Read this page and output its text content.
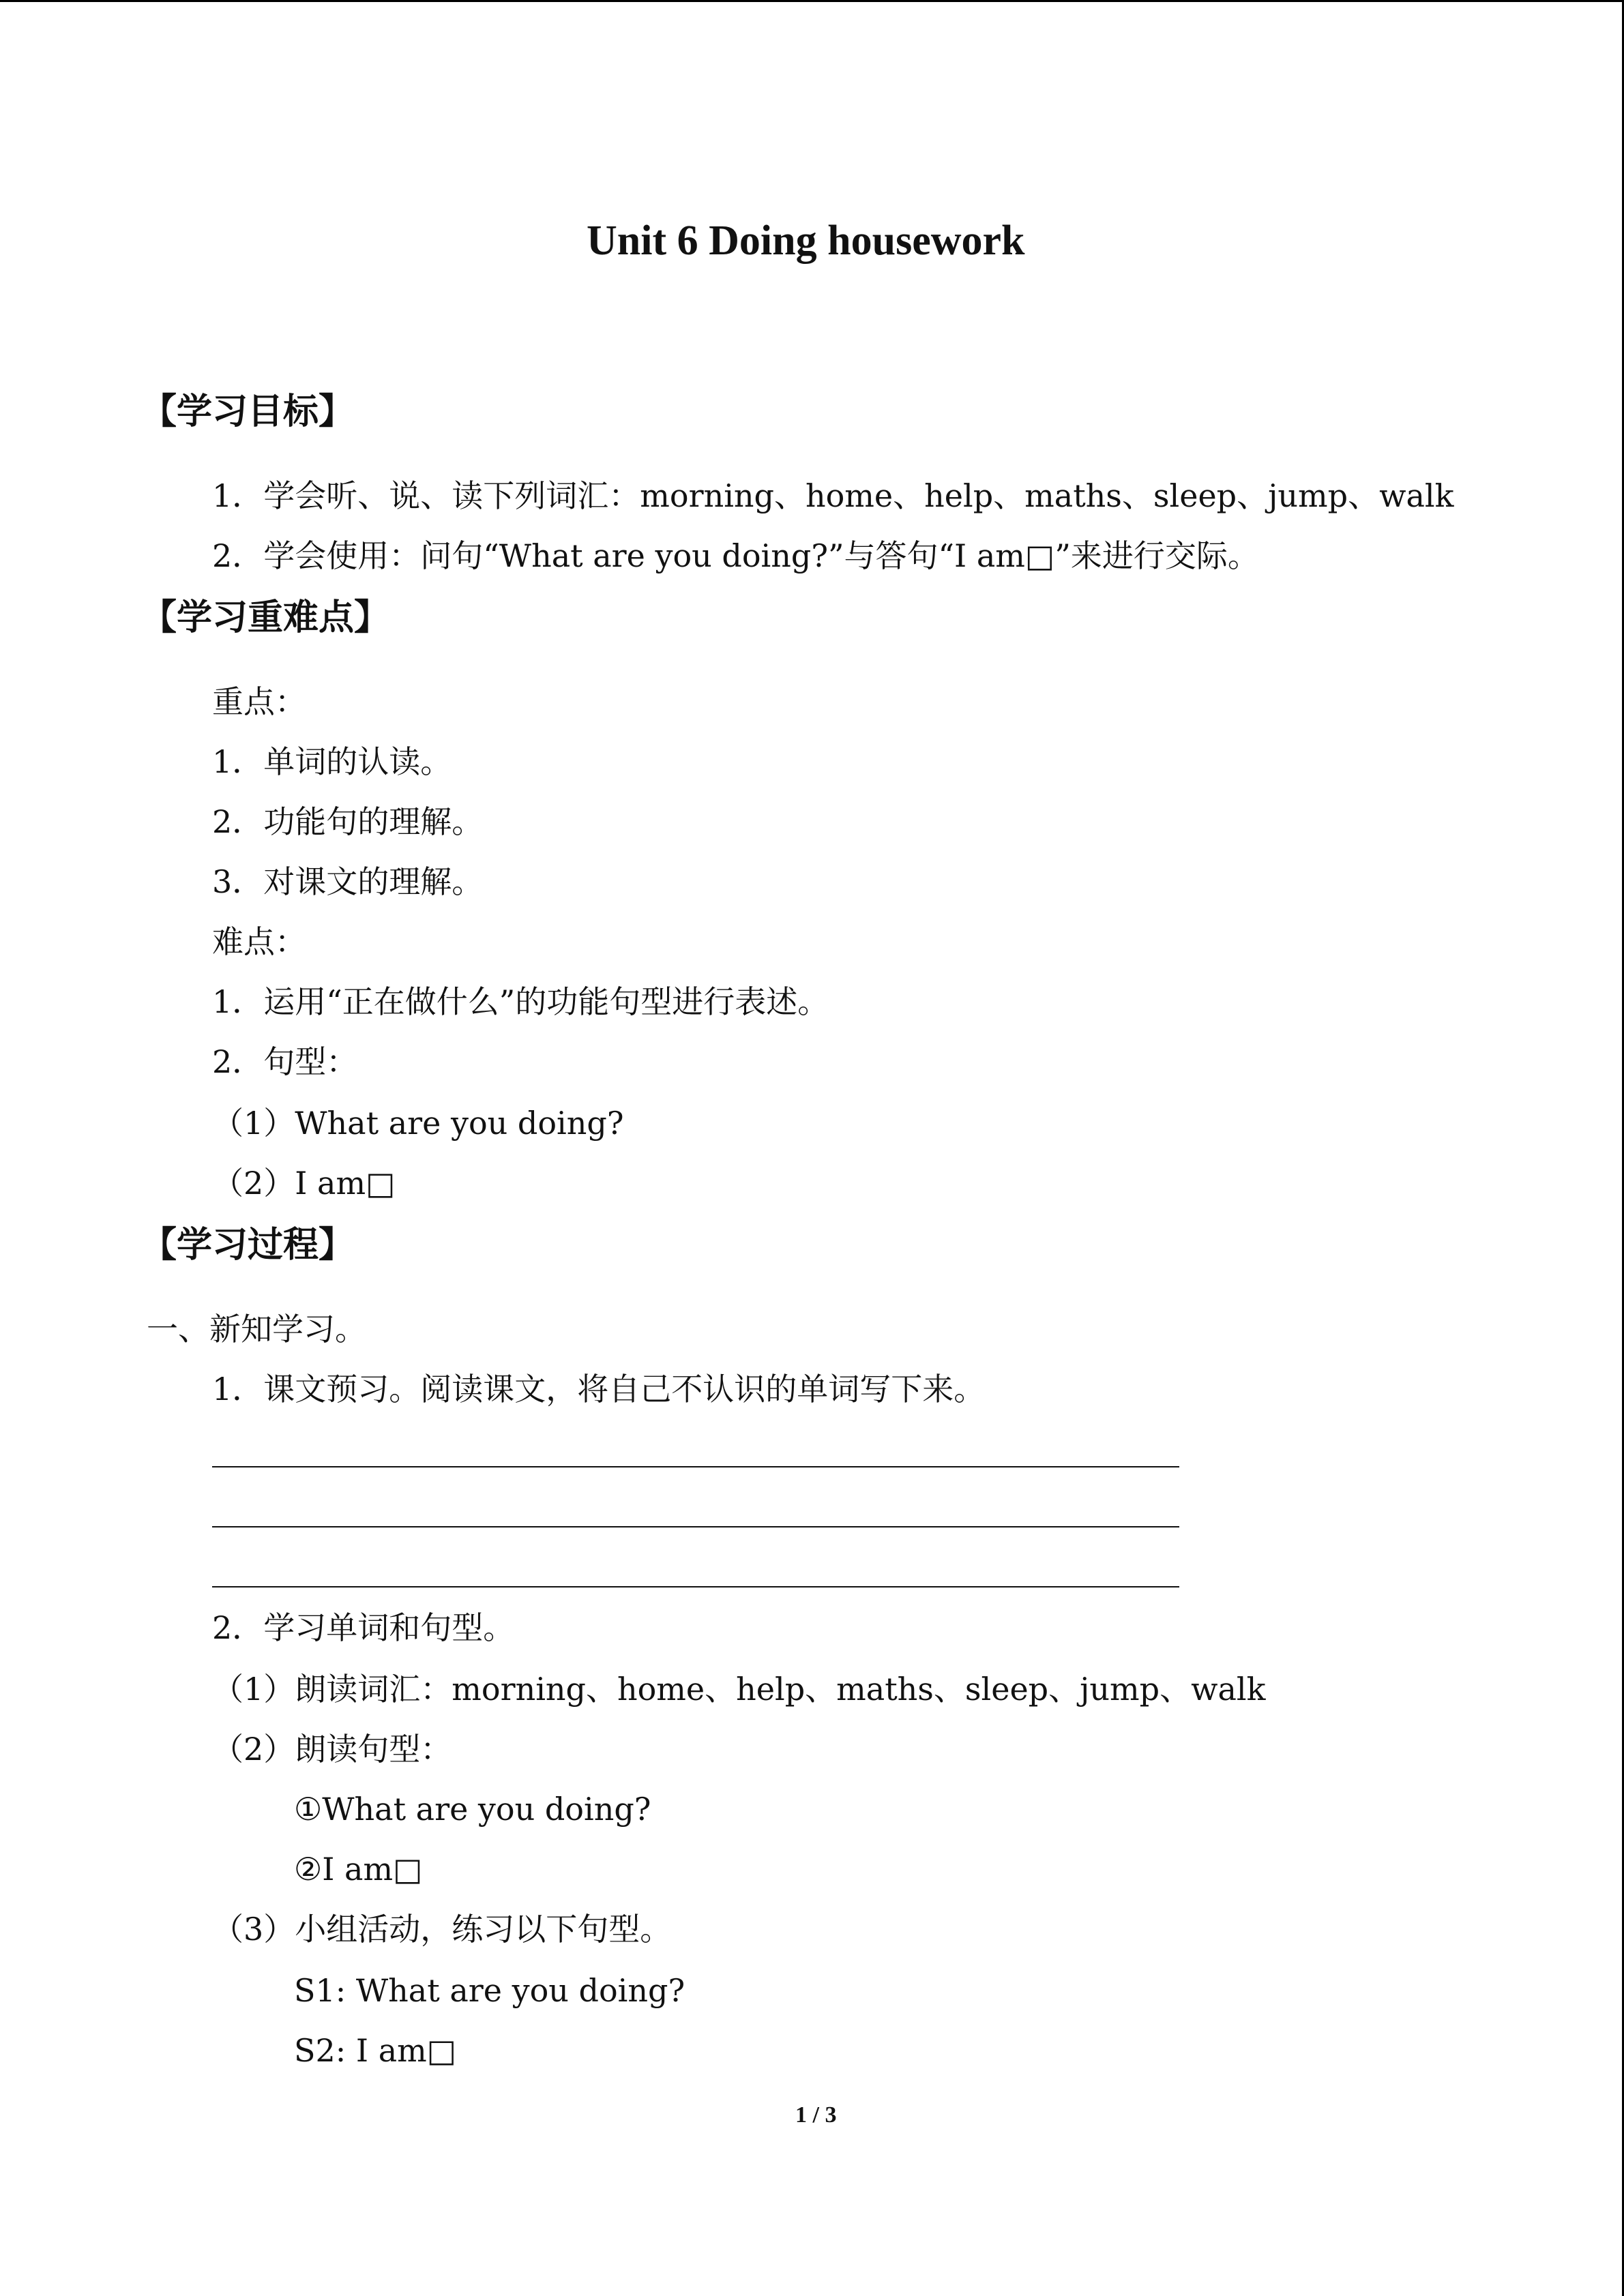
Unit 6 Doing housework
【学习目标】
1．学会听、说、读下列词汇：morning、home、help、maths、sleep、jump、walk
2．学会使用：问句“What are you doing?”与答句“I am□”来进行交际。
【学习重难点】
重点：
1．单词的认读。
2．功能句的理解。
3．对课文的理解。
难点：
1．运用“正在做什么”的功能句型进行表述。
2．句型：
（1）What are you doing?
（2）I am□
【学习过程】
一、新知学习。
1．课文预习。阅读课文，将自己不认识的单词写下来。
2．学习单词和句型。
（1）朗读词汇：morning、home、help、maths、sleep、jump、walk
（2）朗读句型：
①What are you doing?
②I am□
（3）小组活动，练习以下句型。
S1: What are you doing?
S2: I am□
1 / 3
